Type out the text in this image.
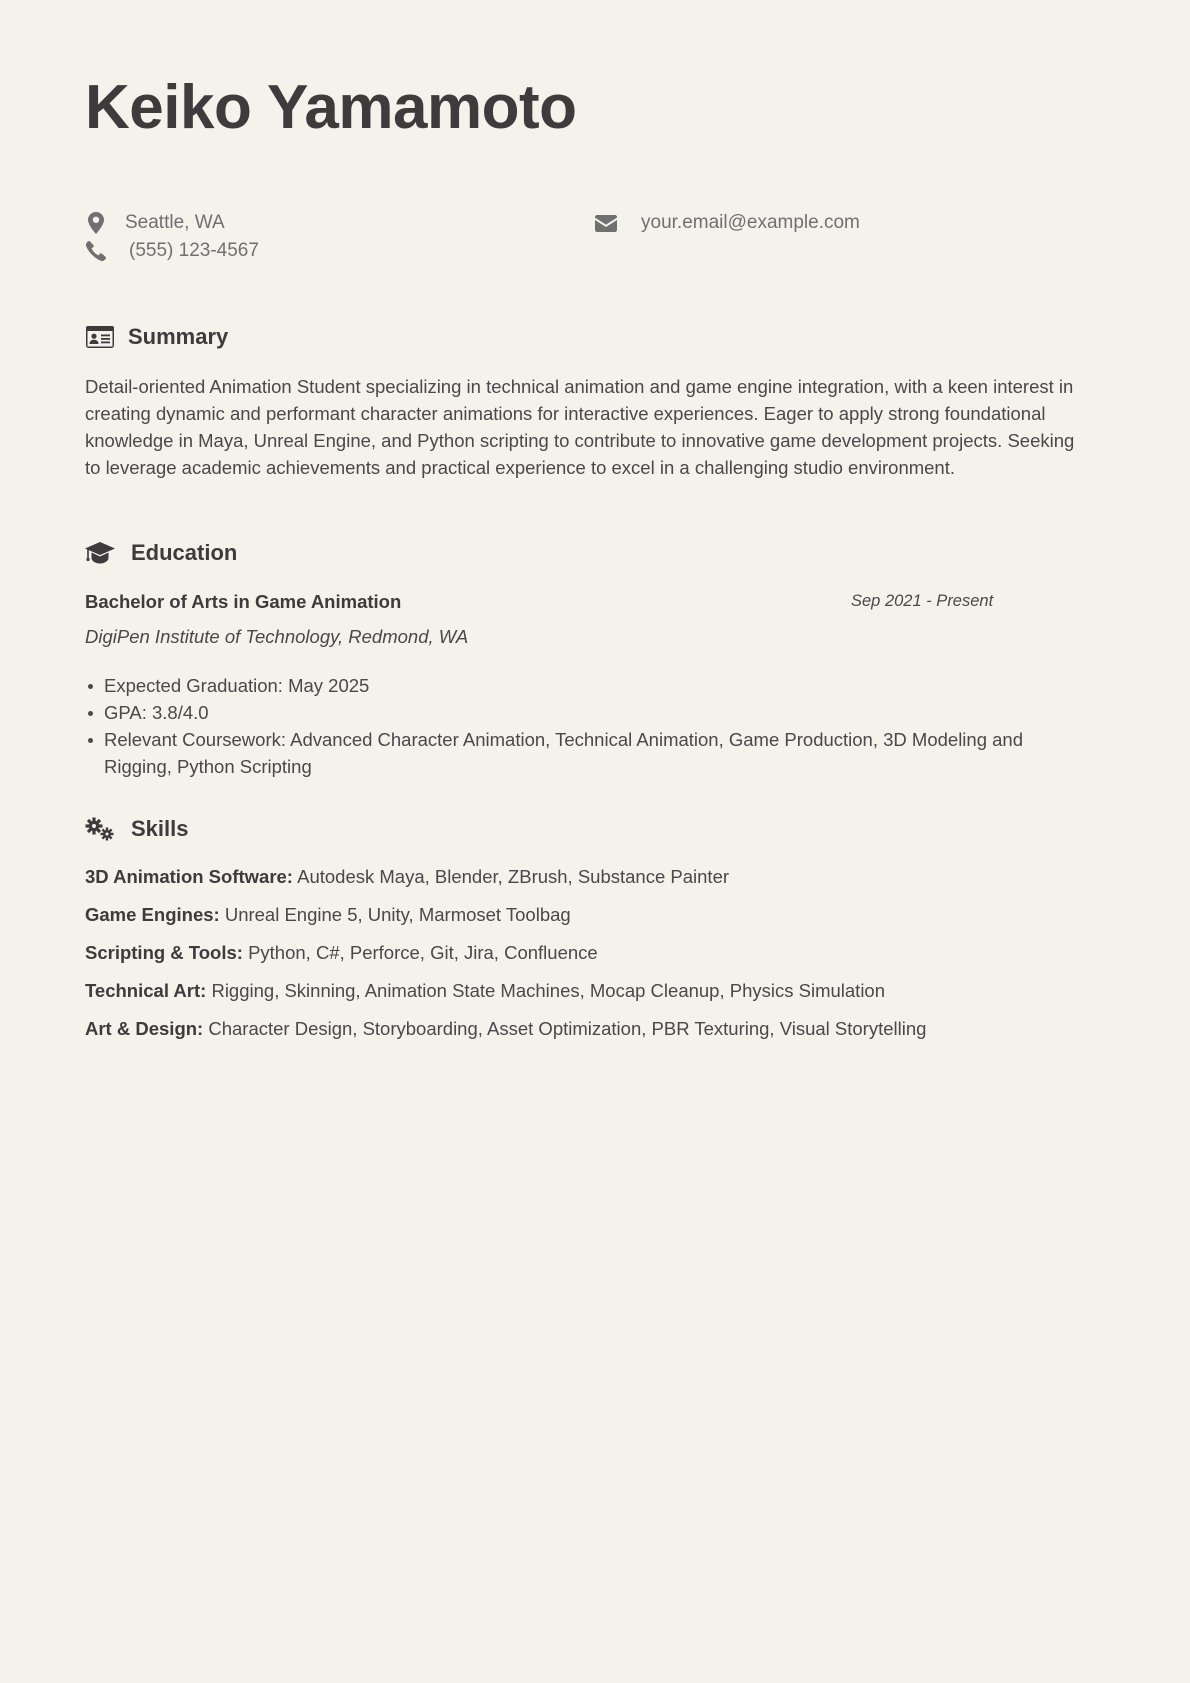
Keiko Yamamoto
Seattle, WA
(555) 123-4567
your.email@example.com
Summary

Detail-oriented Animation Student specializing in technical animation and game engine integration, with a keen interest in creating dynamic and performant character animations for interactive experiences. Eager to apply strong foundational knowledge in Maya, Unreal Engine, and Python scripting to contribute to innovative game development projects. Seeking to leverage academic achievements and practical experience to excel in a challenging studio environment.

Education
Bachelor of Arts in Game Animation	Sep 2021 - Present
DigiPen Institute of Technology, Redmond, WA
Expected Graduation: May 2025
GPA: 3.8/4.0
Relevant Coursework: Advanced Character Animation, Technical Animation, Game Production, 3D Modeling and Rigging, Python Scripting
Skills
3D Animation Software: Autodesk Maya, Blender, ZBrush, Substance Painter
Game Engines: Unreal Engine 5, Unity, Marmoset Toolbag
Scripting & Tools: Python, C#, Perforce, Git, Jira, Confluence
Technical Art: Rigging, Skinning, Animation State Machines, Mocap Cleanup, Physics Simulation
Art & Design: Character Design, Storyboarding, Asset Optimization, PBR Texturing, Visual Storytelling
